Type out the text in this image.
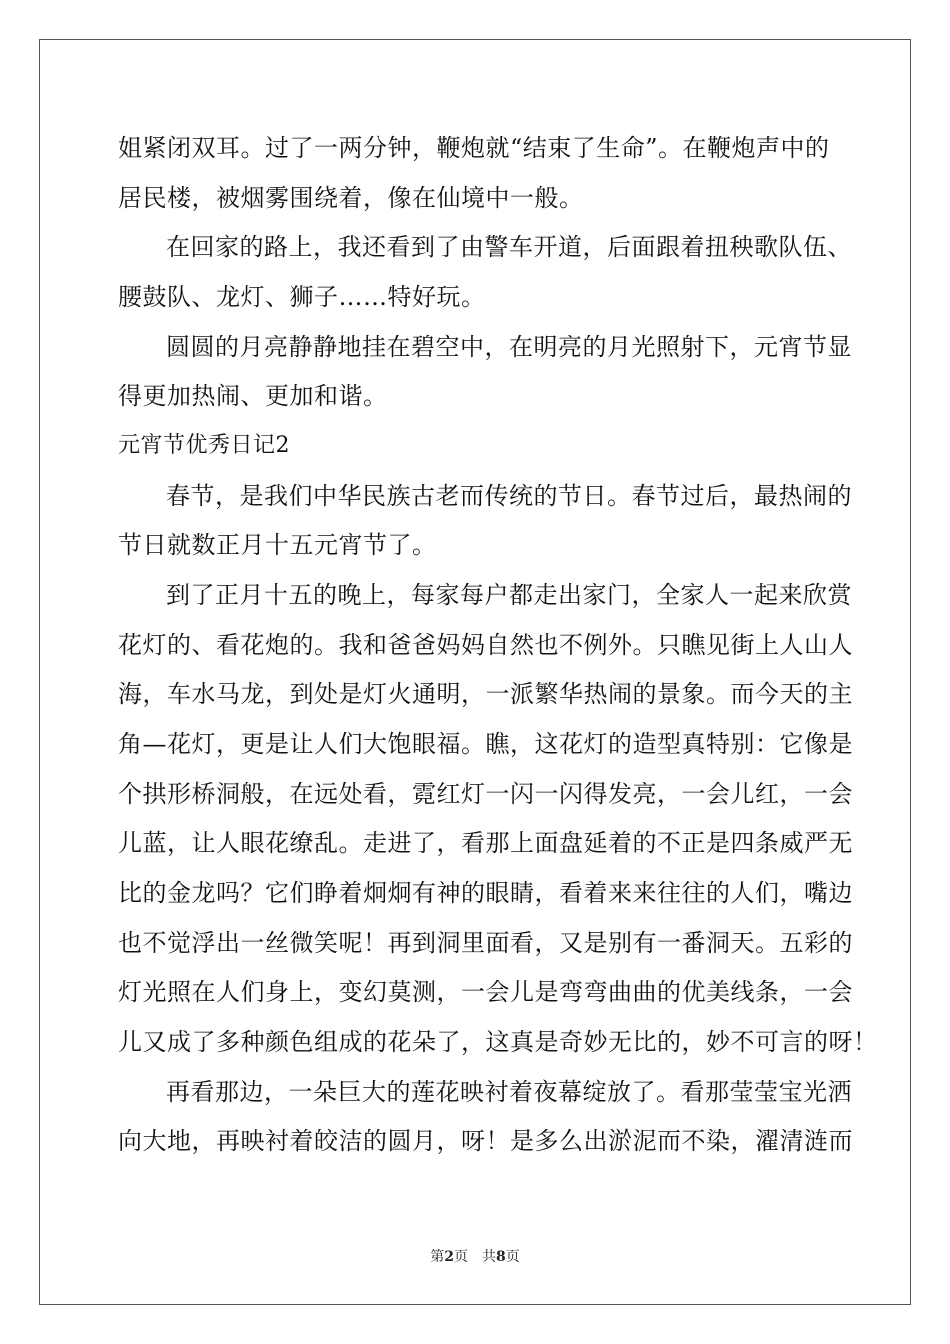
姐紧闭双耳。过了一两分钟，鞭炮就“结束了生命”。在鞭炮声中的
居民楼，被烟雾围绕着，像在仙境中一般。
在回家的路上，我还看到了由警车开道，后面跟着扭秧歌队伍、
腰鼓队、龙灯、狮子……特好玩。
圆圆的月亮静静地挂在碧空中，在明亮的月光照射下，元宵节显
得更加热闹、更加和谐。
元宵节优秀日记2
春节，是我们中华民族古老而传统的节日。春节过后，最热闹的
节日就数正月十五元宵节了。
到了正月十五的晚上，每家每户都走出家门，全家人一起来欣赏
花灯的、看花炮的。我和爸爸妈妈自然也不例外。只瞧见街上人山人
海，车水马龙，到处是灯火通明，一派繁华热闹的景象。而今天的主
角—花灯，更是让人们大饱眼福。瞧，这花灯的造型真特别：它像是
个拱形桥洞般，在远处看，霓红灯一闪一闪得发亮，一会儿红，一会
儿蓝，让人眼花缭乱。走进了，看那上面盘延着的不正是四条威严无
比的金龙吗？它们睁着炯炯有神的眼睛，看着来来往往的人们，嘴边
也不觉浮出一丝微笑呢！再到洞里面看，又是别有一番洞天。五彩的
灯光照在人们身上，变幻莫测，一会儿是弯弯曲曲的优美线条，一会
儿又成了多种颜色组成的花朵了，这真是奇妙无比的，妙不可言的呀！
再看那边，一朵巨大的莲花映衬着夜幕绽放了。看那莹莹宝光洒
向大地，再映衬着皎洁的圆月，呀！是多么出淤泥而不染，濯清涟而
第2页 共8页
